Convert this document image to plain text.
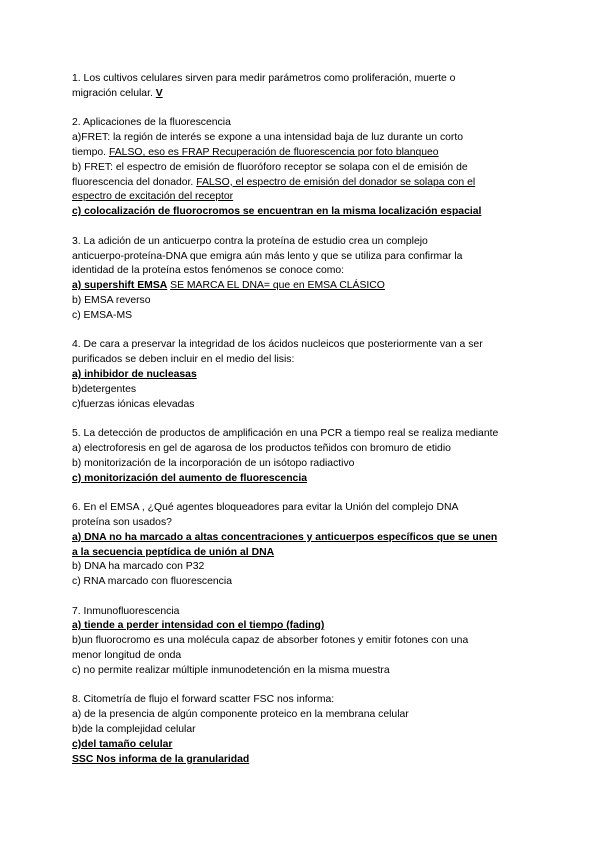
1. Los cultivos celulares sirven para medir parámetros como proliferación, muerte o
migración celular. V
2. Aplicaciones de la fluorescencia
a)FRET: la región de interés se expone a una intensidad baja de luz durante un corto
tiempo. FALSO, eso es FRAP Recuperación de fluorescencia por foto blanqueo
b) FRET: el espectro de emisión de fluoróforo receptor se solapa con el de emisión de
fluorescencia del donador. FALSO, el espectro de emisión del donador se solapa con el
espectro de excitación del receptor
c) colocalización de fluorocromos se encuentran en la misma localización espacial
3. La adición de un anticuerpo contra la proteína de estudio crea un complejo
anticuerpo-proteína-DNA que emigra aún más lento y que se utiliza para confirmar la
identidad de la proteína estos fenómenos se conoce como:
a) supershift EMSA SE MARCA EL DNA= que en EMSA CLÁSICO
b) EMSA reverso
c) EMSA-MS
4. De cara a preservar la integridad de los ácidos nucleicos que posteriormente van a ser
purificados se deben incluir en el medio del lisis:
a) inhibidor de nucleasas
b)detergentes
c)fuerzas iónicas elevadas
5. La detección de productos de amplificación en una PCR a tiempo real se realiza mediante
a) electroforesis en gel de agarosa de los productos teñidos con bromuro de etidio
b) monitorización de la incorporación de un isótopo radiactivo
c) monitorización del aumento de fluorescencia
6. En el EMSA , ¿Qué agentes bloqueadores para evitar la Unión del complejo DNA
proteína son usados?
a) DNA no ha marcado a altas concentraciones y anticuerpos específicos que se unen
a la secuencia peptídica de unión al DNA
b) DNA ha marcado con P32
c) RNA marcado con fluorescencia
7. Inmunofluorescencia
a) tiende a perder intensidad con el tiempo (fading)
b)un fluorocromo es una molécula capaz de absorber fotones y emitir fotones con una
menor longitud de onda
c) no permite realizar múltiple inmunodetención en la misma muestra
8. Citometría de flujo el forward scatter FSC nos informa:
a) de la presencia de algún componente proteico en la membrana celular
b)de la complejidad celular
c)del tamaño celular
SSC Nos informa de la granularidad
